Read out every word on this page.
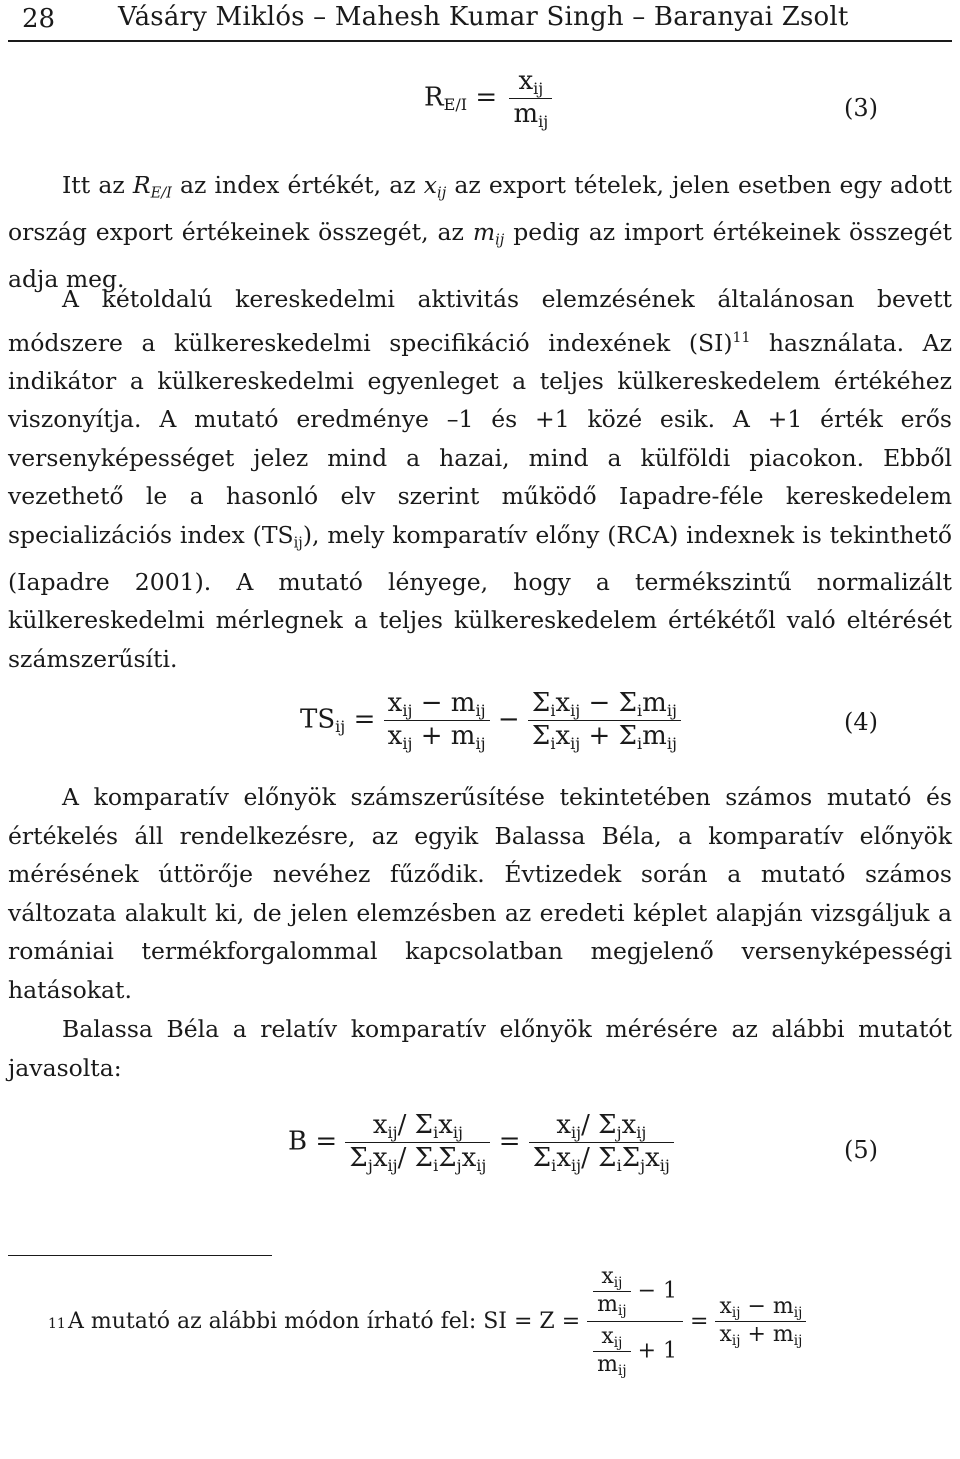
28 Vásáry Miklós – Mahesh Kumar Singh – Baranyai Zsolt
$R_{E/I} = \frac{x_{ij}}{m_{ij}}$	(3)

Itt az $R_{E/I}$ az index értékét, az $x_{ij}$ az export tételek, jelen esetben egy adott ország export értékeinek összegét, az $m_{ij}$ pedig az import értékeinek összegét adja meg.

A kétoldalú kereskedelmi aktivitás elemzésének általánosan bevett módszere a külkereskedelmi specifikáció indexének (SI)$^{11}$ használata. Az indikátor a külkereskedelmi egyenleget a teljes külkereskedelem értékéhez viszonyítja. A mutató eredménye –1 és +1 közé esik. A +1 érték erős versenyképességet jelez mind a hazai, mind a külföldi piacokon. Ebből vezethető le a hasonló elv szerint működő Iapadre-féle kereskedelem specializációs index $(TS_{ij})$, mely komparatív előny (RCA) indexnek is tekinthető (Iapadre 2001). A mutató lényege, hogy a termékszintű normalizált külkereskedelmi mérlegnek a teljes külkereskedelem értékétől való eltérését számszerűsíti.

$TS_{ij} = \frac{x_{ij} - m_{ij}}{x_{ij} + m_{ij}} - \frac{\Sigma_ix_{ij} - \Sigma_im_{ij}}{\Sigma_ix_{ij} + \Sigma_im_{ij}}$	(4)

A komparatív előnyök számszerűsítése tekintetében számos mutató és értékelés áll rendelkezésre, az egyik Balassa Béla, a komparatív előnyök mérésének úttörője nevéhez fűződik. Évtizedek során a mutató számos változata alakult ki, de jelen elemzésben az eredeti képlet alapján vizsgáljuk a romániai termékforgalommal kapcsolatban megjelenő versenyképességi hatásokat.

Balassa Béla a relatív komparatív előnyök mérésére az alábbi mutatót javasolta:

$B = \frac{x_{ij}/ \Sigma_ix_{ij}}{\Sigma_jx_{ij}/ \Sigma_i\Sigma_jx_{ij}} = \frac{x_{ij}/ \Sigma_jx_{ij}}{\Sigma_ix_{ij}/ \Sigma_i\Sigma_jx_{ij}}$	(5)
11 A mutató az alábbi módon írható fel: SI = $Z = \frac{\frac{x_{ij}}{m_{ij}} - 1}{\frac{x_{ij}}{m_{ij}} + 1} = \frac{x_{ij} - m_{ij}}{x_{ij} + m_{ij}}$
